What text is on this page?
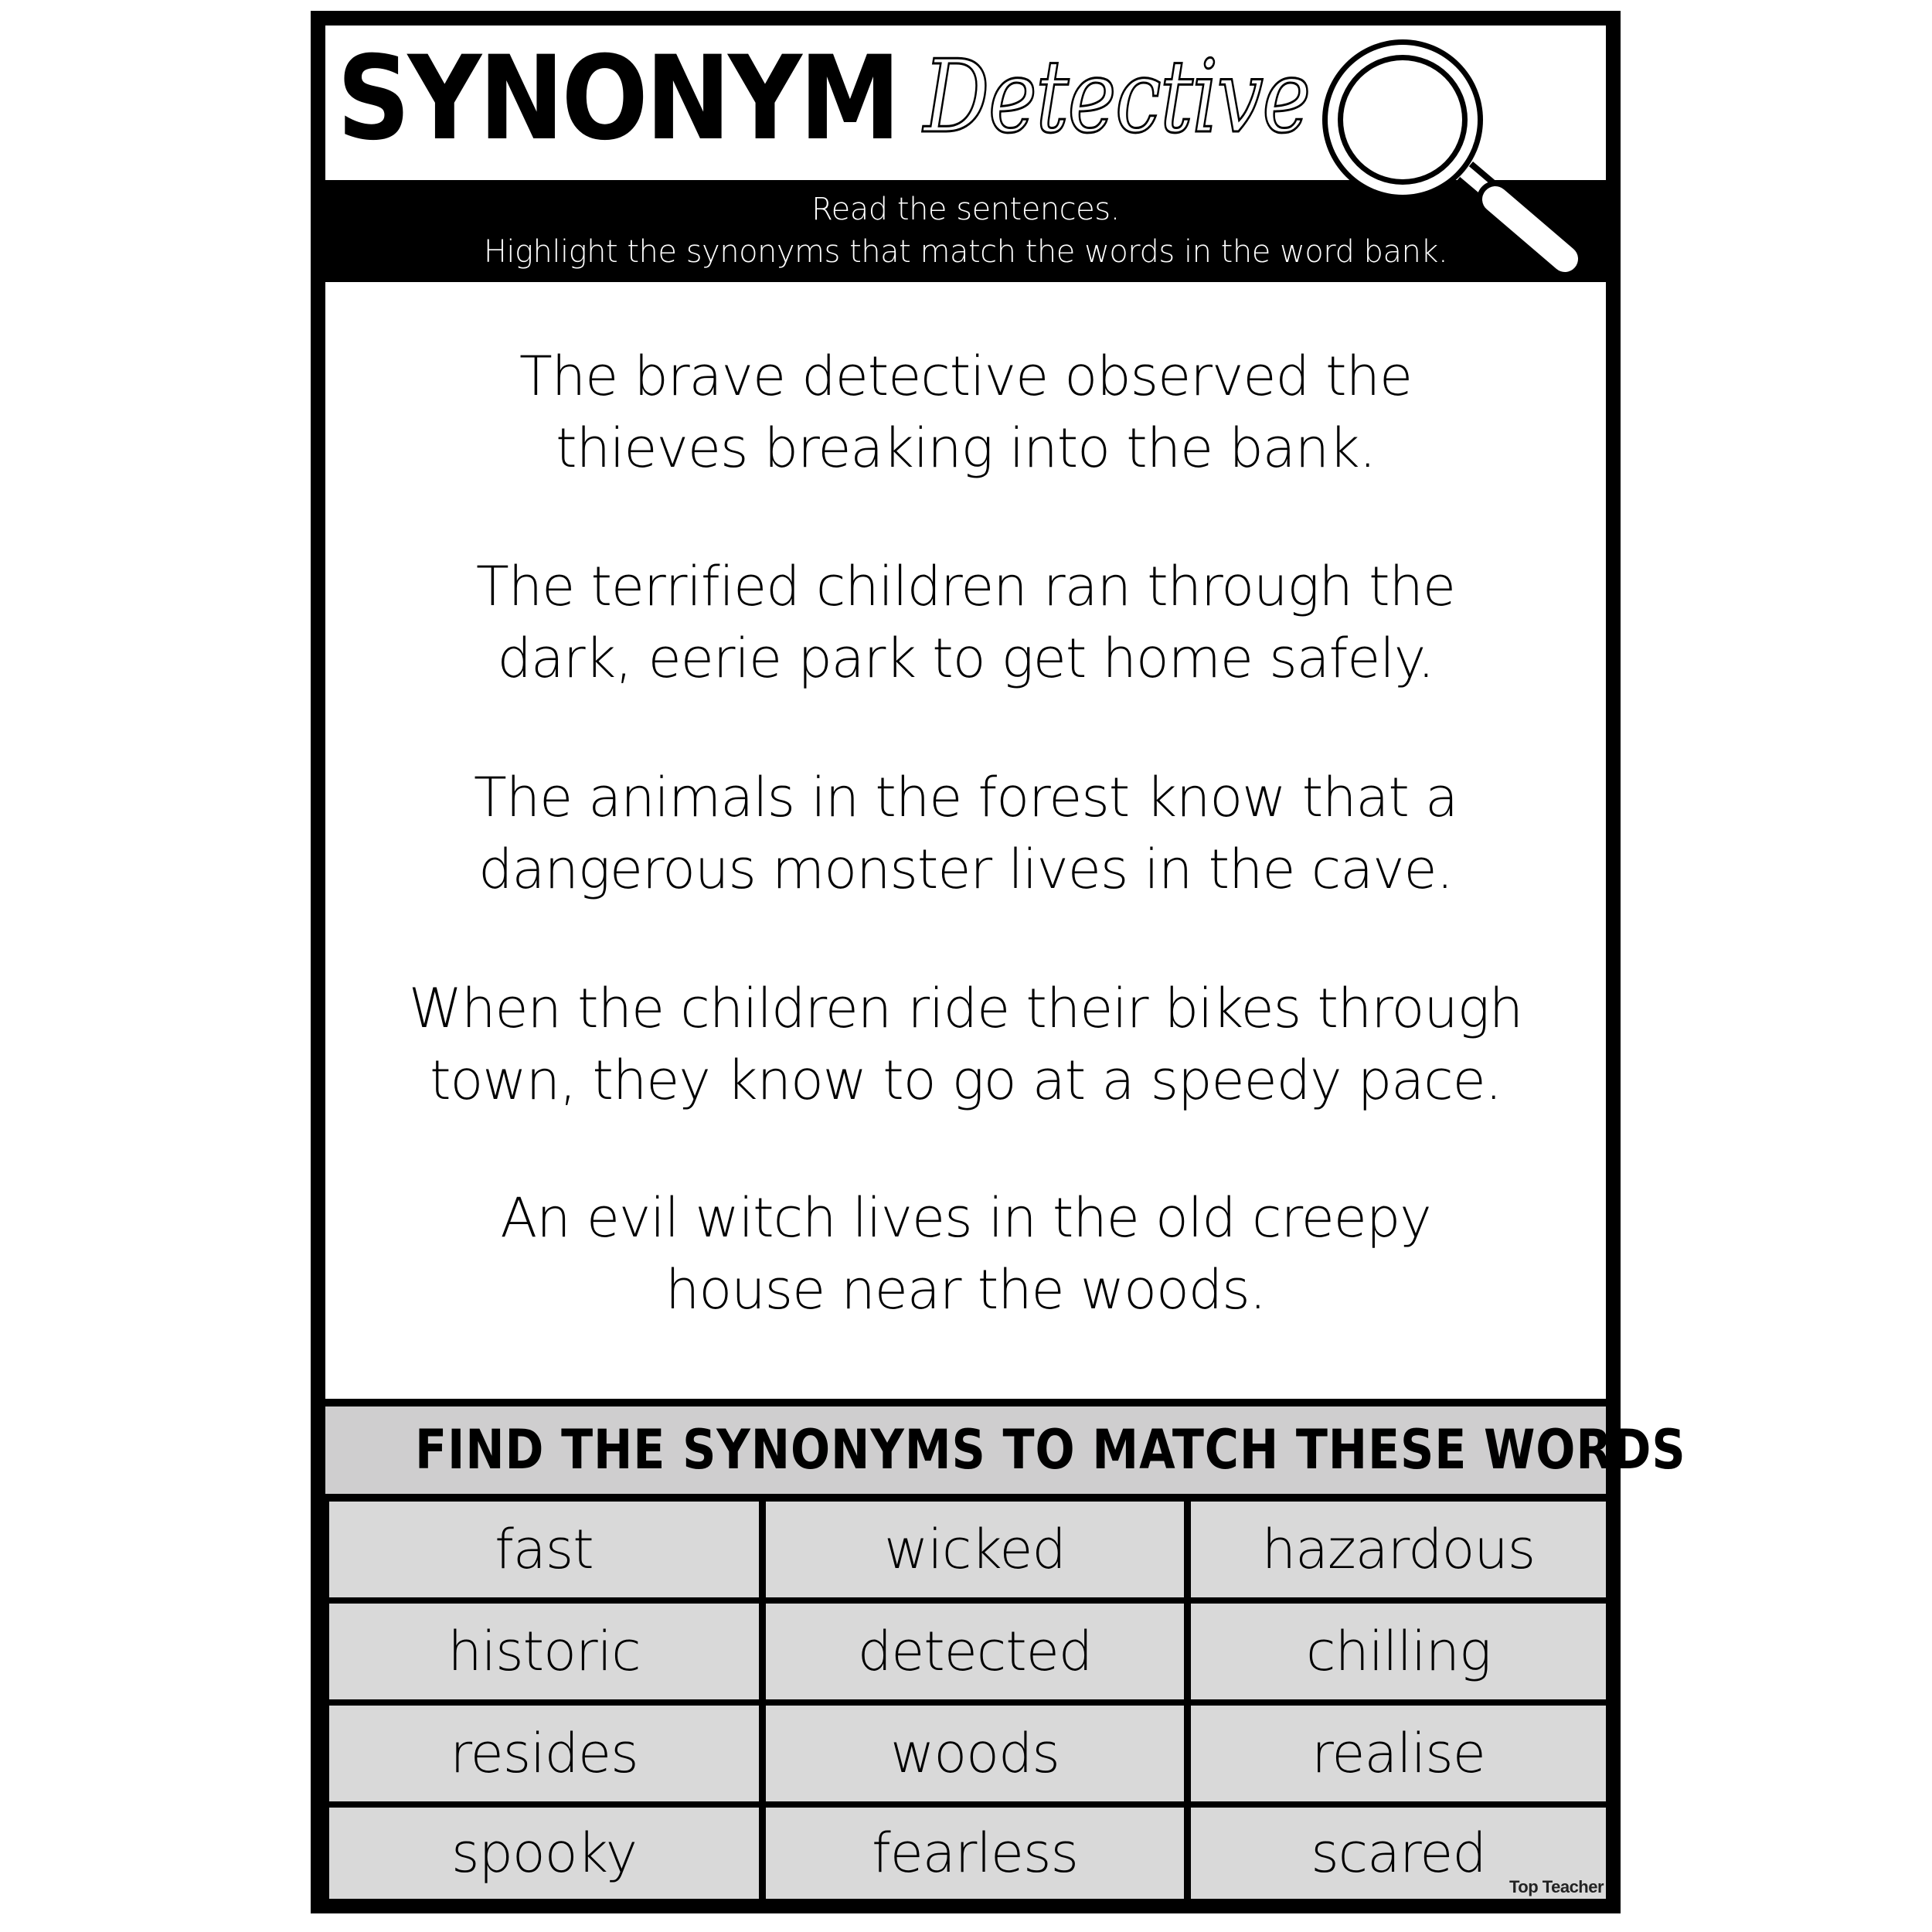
SYNONYM Detective
Read the sentences.
Highlight the synonyms that match the words in the word bank.
The brave detective observed the
thieves breaking into the bank.
The terrified children ran through the
dark, eerie park to get home safely.
The animals in the forest know that a
dangerous monster lives in the cave.
When the children ride their bikes through
town, they know to go at a speedy pace.
An evil witch lives in the old creepy
house near the woods.
FIND THE SYNONYMS TO MATCH THESE WORDS
fast	wicked	hazardous
historic	detected	chilling
resides	woods	realise
spooky	fearless	scared
Top Teacher
